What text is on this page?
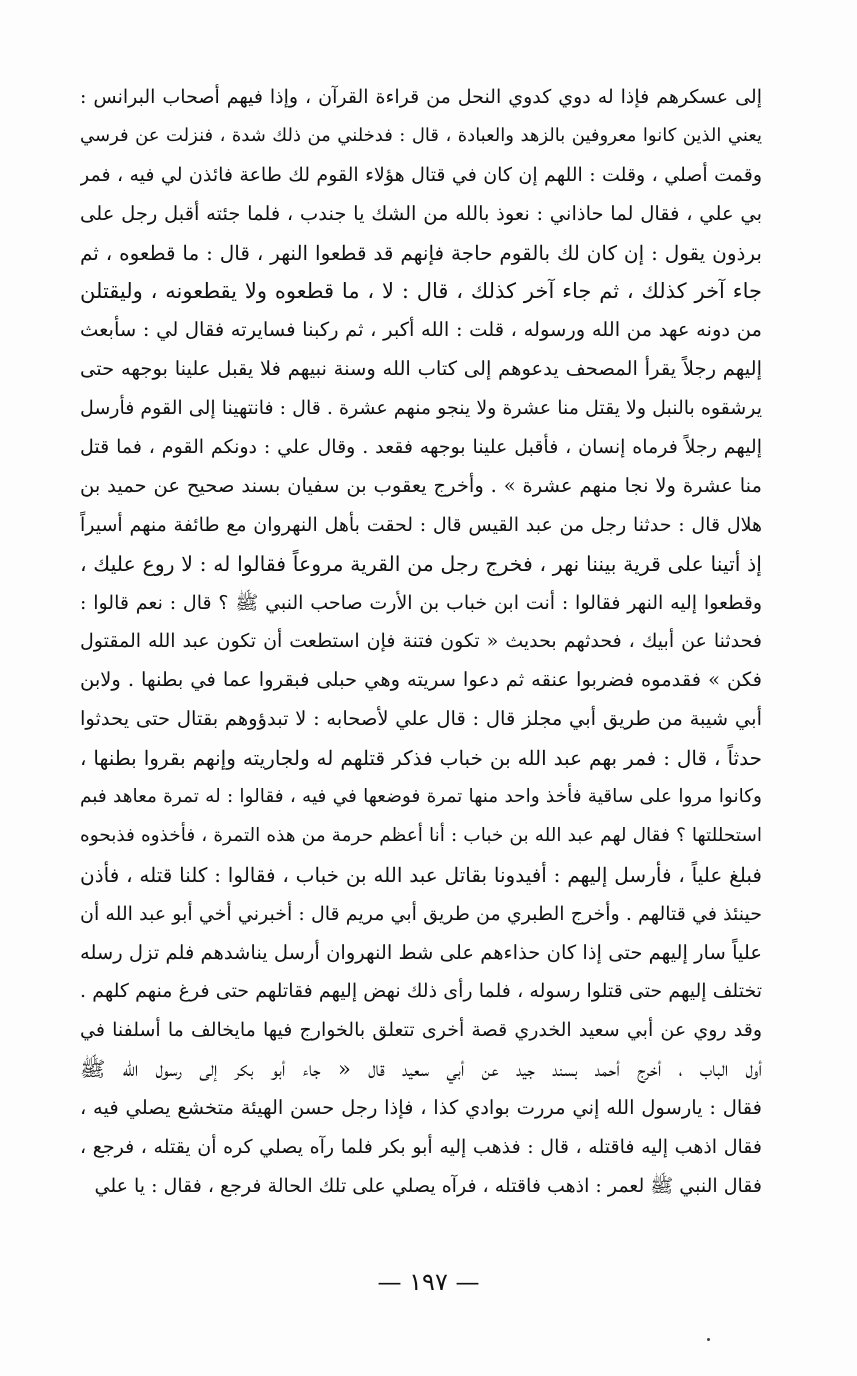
إلى عسكرهم فإذا له دوي كدوي النحل من قراءة القرآن ، وإذا فيهم أصحاب البرانس :
يعني الذين كانوا معروفين بالزهد والعبادة ، قال : فدخلني من ذلك شدة ، فنزلت عن فرسي
وقمت أصلي ، وقلت : اللهم إن كان في قتال هؤلاء القوم لك طاعة فائذن لي فيه ، فمر
بي علي ، فقال لما حاذاني : نعوذ بالله من الشك يا جندب ، فلما جئته أقبل رجل على
برذون يقول : إن كان لك بالقوم حاجة فإنهم قد قطعوا النهر ، قال : ما قطعوه ، ثم
جاء آخر كذلك ، ثم جاء آخر كذلك ، قال : لا ، ما قطعوه ولا يقطعونه ، وليقتلن
من دونه عهد من الله ورسوله ، قلت : الله أكبر ، ثم ركبنا فسايرته فقال لي : سأبعث
إليهم رجلاً يقرأ المصحف يدعوهم إلى كتاب الله وسنة نبيهم فلا يقبل علينا بوجهه حتى
يرشقوه بالنبل ولا يقتل منا عشرة ولا ينجو منهم عشرة . قال : فانتهينا إلى القوم فأرسل
إليهم رجلاً فرماه إنسان ، فأقبل علينا بوجهه فقعد . وقال علي : دونكم القوم ، فما قتل
منا عشرة ولا نجا منهم عشرة » . وأخرج يعقوب بن سفيان بسند صحيح عن حميد بن
هلال قال : حدثنا رجل من عبد القيس قال : لحقت بأهل النهروان مع طائفة منهم أسيراً
إذ أتينا على قرية بيننا نهر ، فخرج رجل من القرية مروعاً فقالوا له : لا روع عليك ،
وقطعوا إليه النهر فقالوا : أنت ابن خباب بن الأرت صاحب النبي ﷺ ؟ قال : نعم قالوا :
فحدثنا عن أبيك ، فحدثهم بحديث « تكون فتنة فإن استطعت أن تكون عبد الله المقتول
فكن » فقدموه فضربوا عنقه ثم دعوا سريته وهي حبلى فبقروا عما في بطنها . ولابن
أبي شيبة من طريق أبي مجلز قال : قال علي لأصحابه : لا تبدؤوهم بقتال حتى يحدثوا
حدثاً ، قال : فمر بهم عبد الله بن خباب فذكر قتلهم له ولجاريته وإنهم بقروا بطنها ،
وكانوا مروا على ساقية فأخذ واحد منها تمرة فوضعها في فيه ، فقالوا : له تمرة معاهد فبم
استحللتها ؟ فقال لهم عبد الله بن خباب : أنا أعظم حرمة من هذه التمرة ، فأخذوه فذبحوه
فبلغ علياً ، فأرسل إليهم : أفيدونا بقاتل عبد الله بن خباب ، فقالوا : كلنا قتله ، فأذن
حينئذ في قتالهم . وأخرج الطبري من طريق أبي مريم قال : أخبرني أخي أبو عبد الله أن
علياً سار إليهم حتى إذا كان حذاءهم على شط النهروان أرسل يناشدهم فلم تزل رسله
تختلف إليهم حتى قتلوا رسوله ، فلما رأى ذلك نهض إليهم فقاتلهم حتى فرغ منهم كلهم .
وقد روي عن أبي سعيد الخدري قصة أخرى تتعلق بالخوارج فيها مايخالف ما أسلفنا في
أول الباب ، أخرج أحمد بسند جيد عن أبي سعيد قال « جاء أبو بكر إلى رسول الله ﷺ
فقال : يارسول الله إني مررت بوادي كذا ، فإذا رجل حسن الهيئة متخشع يصلي فيه ،
فقال اذهب إليه فاقتله ، قال : فذهب إليه أبو بكر فلما رآه يصلي كره أن يقتله ، فرجع ،
فقال النبي ﷺ لعمر : اذهب فاقتله ، فرآه يصلي على تلك الحالة فرجع ، فقال : يا علي
— ١٩٧ —
